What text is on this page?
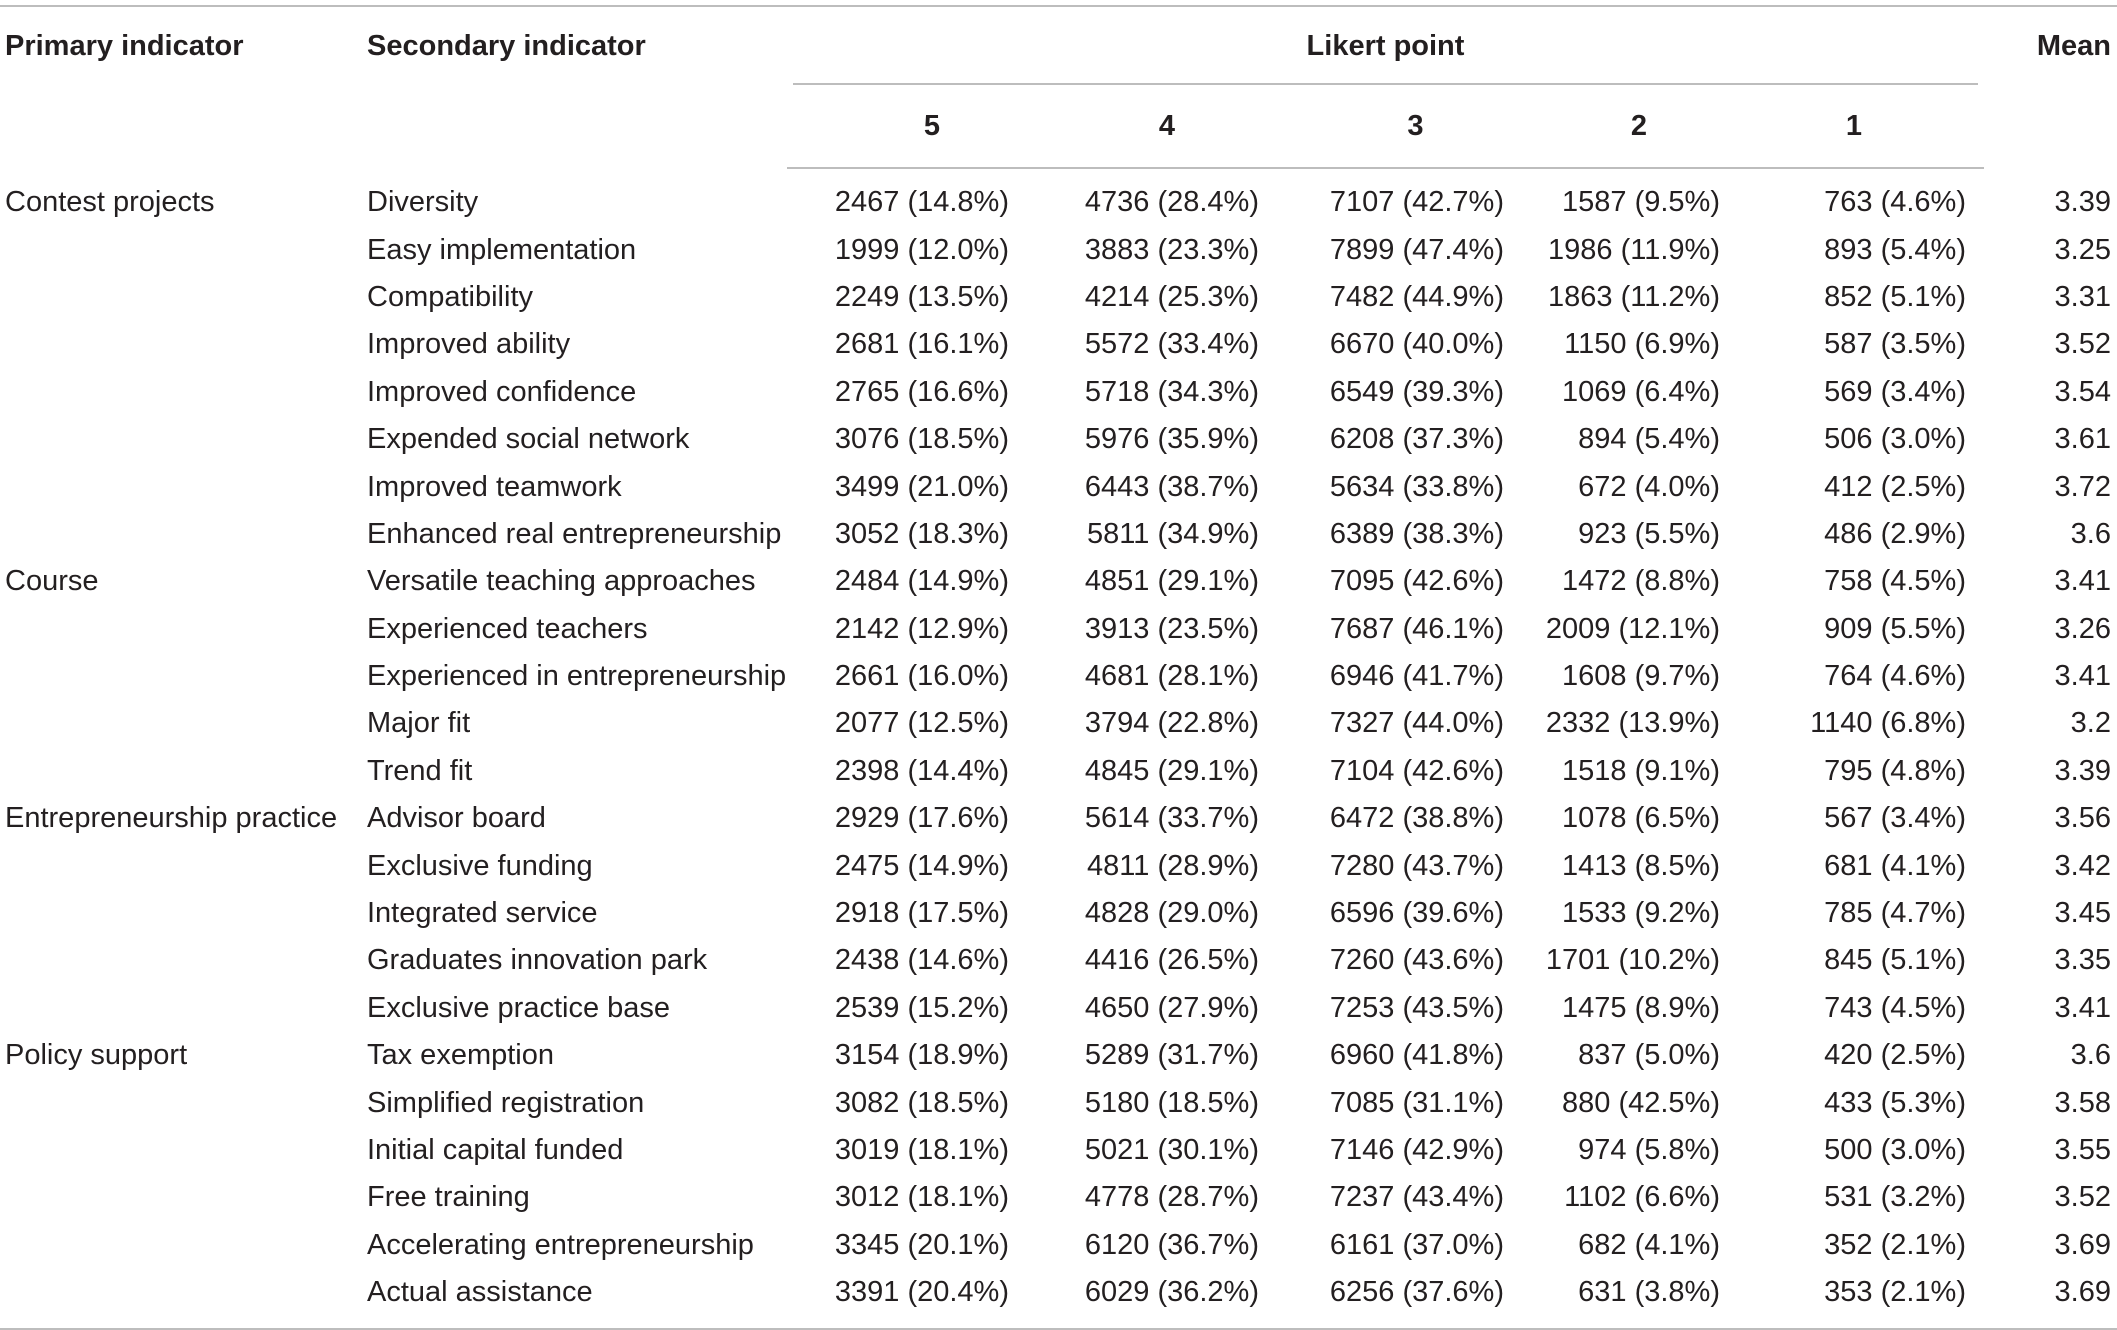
Primary indicator	Secondary indicator	Likert point					Mean
		5	4	3	2	1	
Contest projects	Diversity	2467 (14.8%)	4736 (28.4%)	7107 (42.7%)	1587 (9.5%)	763 (4.6%)	3.39
	Easy implementation	1999 (12.0%)	3883 (23.3%)	7899 (47.4%)	1986 (11.9%)	893 (5.4%)	3.25
	Compatibility	2249 (13.5%)	4214 (25.3%)	7482 (44.9%)	1863 (11.2%)	852 (5.1%)	3.31
	Improved ability	2681 (16.1%)	5572 (33.4%)	6670 (40.0%)	1150 (6.9%)	587 (3.5%)	3.52
	Improved confidence	2765 (16.6%)	5718 (34.3%)	6549 (39.3%)	1069 (6.4%)	569 (3.4%)	3.54
	Expended social network	3076 (18.5%)	5976 (35.9%)	6208 (37.3%)	894 (5.4%)	506 (3.0%)	3.61
	Improved teamwork	3499 (21.0%)	6443 (38.7%)	5634 (33.8%)	672 (4.0%)	412 (2.5%)	3.72
	Enhanced real entrepreneurship	3052 (18.3%)	5811 (34.9%)	6389 (38.3%)	923 (5.5%)	486 (2.9%)	3.6
Course	Versatile teaching approaches	2484 (14.9%)	4851 (29.1%)	7095 (42.6%)	1472 (8.8%)	758 (4.5%)	3.41
	Experienced teachers	2142 (12.9%)	3913 (23.5%)	7687 (46.1%)	2009 (12.1%)	909 (5.5%)	3.26
	Experienced in entrepreneurship	2661 (16.0%)	4681 (28.1%)	6946 (41.7%)	1608 (9.7%)	764 (4.6%)	3.41
	Major fit	2077 (12.5%)	3794 (22.8%)	7327 (44.0%)	2332 (13.9%)	1140 (6.8%)	3.2
	Trend fit	2398 (14.4%)	4845 (29.1%)	7104 (42.6%)	1518 (9.1%)	795 (4.8%)	3.39
Entrepreneurship practice	Advisor board	2929 (17.6%)	5614 (33.7%)	6472 (38.8%)	1078 (6.5%)	567 (3.4%)	3.56
	Exclusive funding	2475 (14.9%)	4811 (28.9%)	7280 (43.7%)	1413 (8.5%)	681 (4.1%)	3.42
	Integrated service	2918 (17.5%)	4828 (29.0%)	6596 (39.6%)	1533 (9.2%)	785 (4.7%)	3.45
	Graduates innovation park	2438 (14.6%)	4416 (26.5%)	7260 (43.6%)	1701 (10.2%)	845 (5.1%)	3.35
	Exclusive practice base	2539 (15.2%)	4650 (27.9%)	7253 (43.5%)	1475 (8.9%)	743 (4.5%)	3.41
Policy support	Tax exemption	3154 (18.9%)	5289 (31.7%)	6960 (41.8%)	837 (5.0%)	420 (2.5%)	3.6
	Simplified registration	3082 (18.5%)	5180 (18.5%)	7085 (31.1%)	880 (42.5%)	433 (5.3%)	3.58
	Initial capital funded	3019 (18.1%)	5021 (30.1%)	7146 (42.9%)	974 (5.8%)	500 (3.0%)	3.55
	Free training	3012 (18.1%)	4778 (28.7%)	7237 (43.4%)	1102 (6.6%)	531 (3.2%)	3.52
	Accelerating entrepreneurship	3345 (20.1%)	6120 (36.7%)	6161 (37.0%)	682 (4.1%)	352 (2.1%)	3.69
	Actual assistance	3391 (20.4%)	6029 (36.2%)	6256 (37.6%)	631 (3.8%)	353 (2.1%)	3.69
